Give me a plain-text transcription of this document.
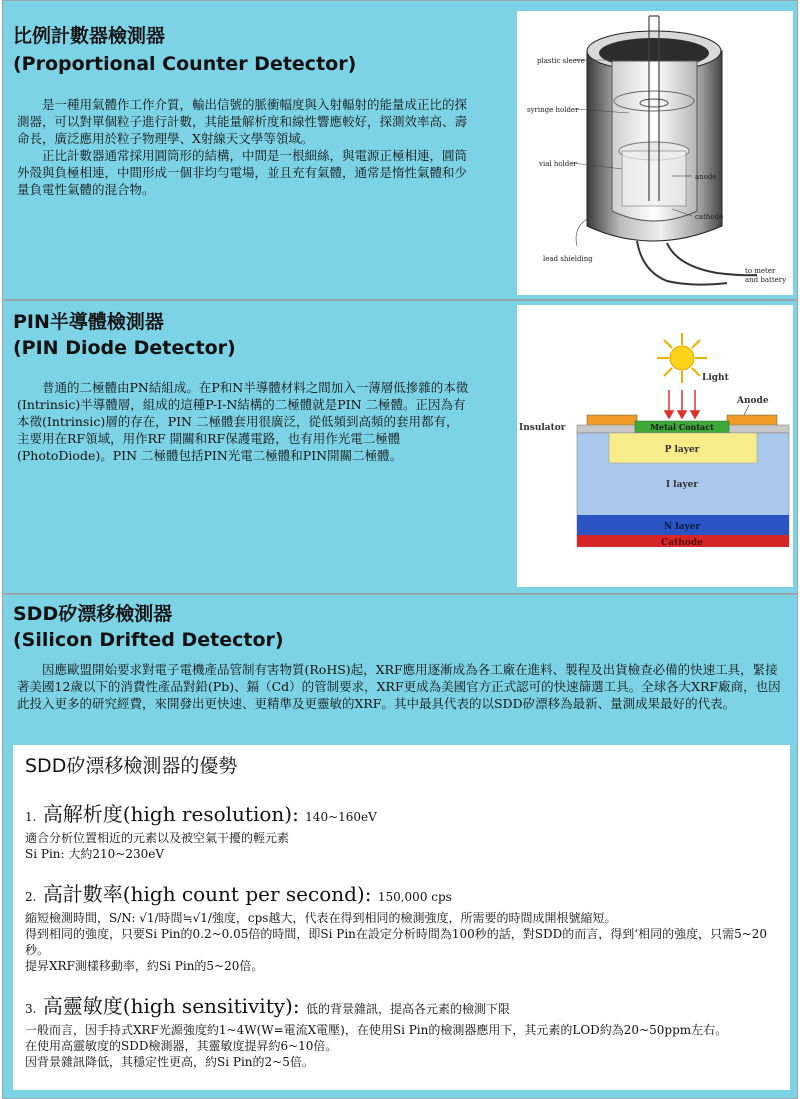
比例計數器檢測器
(Proportional Counter Detector)

是一種用氣體作工作介質，輸出信號的脈衝幅度與入射輻射的能量成正比的探測器，可以對單個粒子進行計數，其能量解析度和線性響應較好，探測效率高、壽命長，廣泛應用於粒子物理學、X射線天文學等領域。

正比計數器通常採用圓筒形的結構，中間是一根細絲，與電源正極相連，圓筒外殼與負極相連，中間形成一個非均勻電場，並且充有氣體，通常是惰性氣體和少量負電性氣體的混合物。

plastic sleeve
syringe holder
vial holder
anode
cathode
lead shielding
to meter
and battery
PIN半導體檢測器
(PIN Diode Detector)

普通的二極體由PN結組成。在P和N半導體材料之間加入一薄層低摻雜的本徵(Intrinsic)半導體層，組成的這種P-I-N結構的二極體就是PIN 二極體。正因為有本徵(Intrinsic)層的存在，PIN 二極體套用很廣泛，從低頻到高頻的套用都有，主要用在RF領域，用作RF 開關和RF保護電路，也有用作光電二極體(PhotoDiode)。PIN 二極體包括PIN光電二極體和PIN開關二極體。

Light
Anode
Metal Contact
Insulator
P layer
I layer
N layer
Cathode
SDD矽漂移檢測器
(Silicon Drifted Detector)

因應歐盟開始要求對電子電機產品管制有害物質(RoHS)起，XRF應用逐漸成為各工廠在進料、製程及出貨檢查必備的快速工具，緊接著美國12歲以下的消費性產品對鉛(Pb)、鎘（Cd）的管制要求，XRF更成為美國官方正式認可的快速篩選工具。全球各大XRF廠商，也因此投入更多的研究經費，來開發出更快速、更精準及更靈敏的XRF。其中最具代表的以SDD矽漂移為最新、量測成果最好的代表。

SDD矽漂移檢測器的優勢
1. 高解析度(high resolution): 140~160eV
適合分析位置相近的元素以及被空氣干擾的輕元素
Si Pin: 大約210~230eV
2. 高計數率(high count per second): 150,000 cps
縮短檢測時間，S/N: √1/時間≒√1/強度，cps越大，代表在得到相同的檢測強度，所需要的時間成開根號縮短。
得到相同的強度，只要Si Pin的0.2~0.05倍的時間，即Si Pin在設定分析時間為100秒的話，對SDD的而言，得到‘相同的強度，只需5~20秒。
提昇XRF測樣移動率，約Si Pin的5~20倍。
3. 高靈敏度(high sensitivity): 低的背景雜訊，提高各元素的檢測下限
一般而言，因手持式XRF光源強度約1~4W(W=電流X電壓)，在使用Si Pin的檢測器應用下，其元素的LOD約為20~50ppm左右。
在使用高靈敏度的SDD檢測器，其靈敏度提昇約6~10倍。
因背景雜訊降低，其穩定性更高，約Si Pin的2~5倍。
